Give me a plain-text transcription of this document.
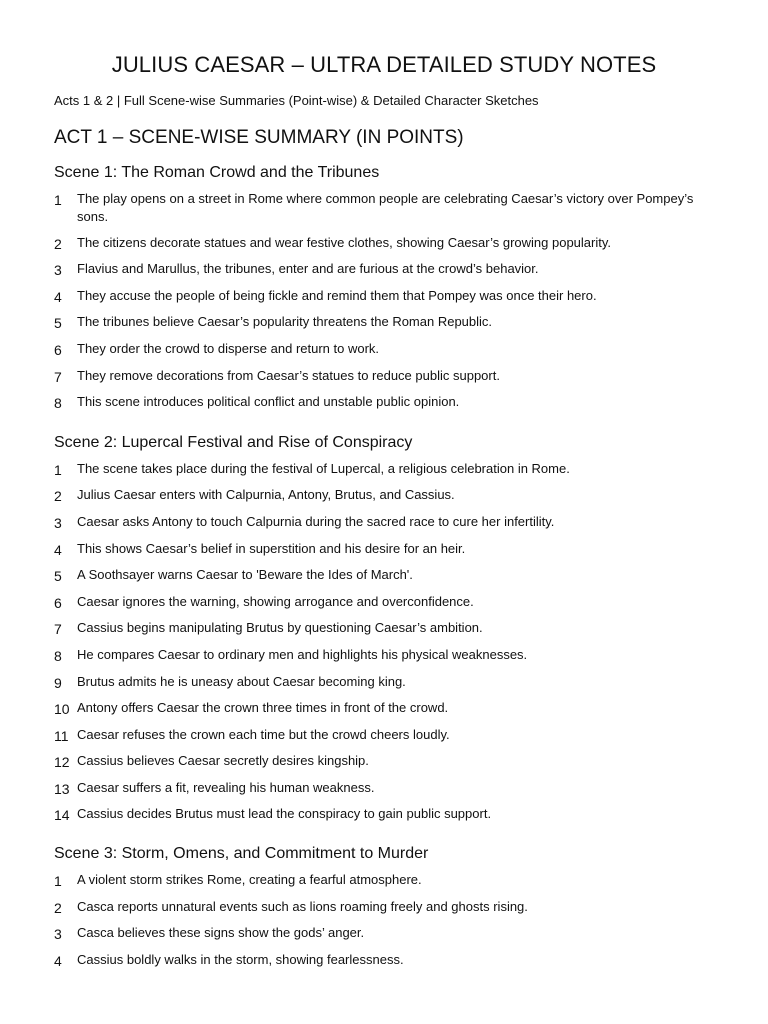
JULIUS CAESAR – ULTRA DETAILED STUDY NOTES

Acts 1 & 2 | Full Scene-wise Summaries (Point-wise) & Detailed Character Sketches

ACT 1 – SCENE-WISE SUMMARY (IN POINTS)
Scene 1: The Roman Crowd and the Tribunes
1	The play opens on a street in Rome where common people are celebrating Caesar’s victory over Pompey’s sons.
2	The citizens decorate statues and wear festive clothes, showing Caesar’s growing popularity.
3	Flavius and Marullus, the tribunes, enter and are furious at the crowd’s behavior.
4	They accuse the people of being fickle and remind them that Pompey was once their hero.
5	The tribunes believe Caesar’s popularity threatens the Roman Republic.
6	They order the crowd to disperse and return to work.
7	They remove decorations from Caesar’s statues to reduce public support.
8	This scene introduces political conflict and unstable public opinion.
Scene 2: Lupercal Festival and Rise of Conspiracy
1	The scene takes place during the festival of Lupercal, a religious celebration in Rome.
2	Julius Caesar enters with Calpurnia, Antony, Brutus, and Cassius.
3	Caesar asks Antony to touch Calpurnia during the sacred race to cure her infertility.
4	This shows Caesar’s belief in superstition and his desire for an heir.
5	A Soothsayer warns Caesar to 'Beware the Ides of March'.
6	Caesar ignores the warning, showing arrogance and overconfidence.
7	Cassius begins manipulating Brutus by questioning Caesar’s ambition.
8	He compares Caesar to ordinary men and highlights his physical weaknesses.
9	Brutus admits he is uneasy about Caesar becoming king.
10 Antony offers Caesar the crown three times in front of the crowd.
11 Caesar refuses the crown each time but the crowd cheers loudly.
12 Cassius believes Caesar secretly desires kingship.
13 Caesar suffers a fit, revealing his human weakness.
14 Cassius decides Brutus must lead the conspiracy to gain public support.
Scene 3: Storm, Omens, and Commitment to Murder
1	A violent storm strikes Rome, creating a fearful atmosphere.
2	Casca reports unnatural events such as lions roaming freely and ghosts rising.
3	Casca believes these signs show the gods’ anger.
4	Cassius boldly walks in the storm, showing fearlessness.
